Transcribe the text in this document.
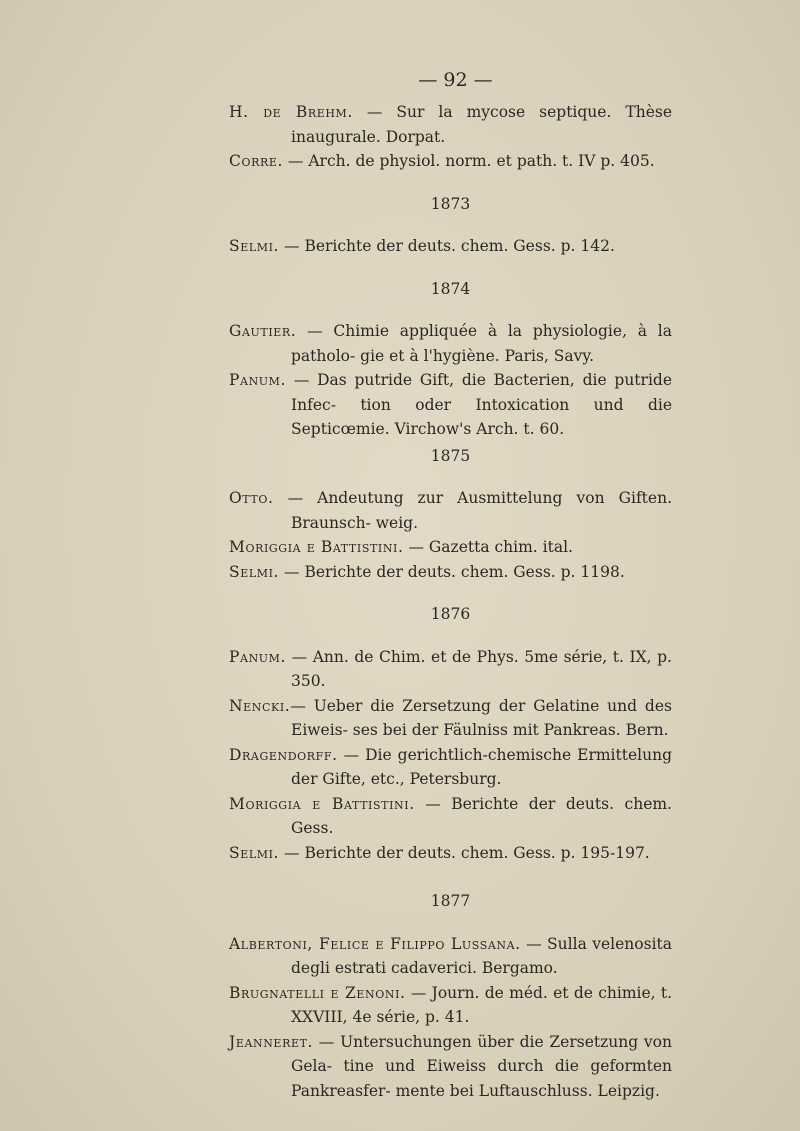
— 92 —

H. de Brehm. — Sur la mycose septique. Thèse inaugurale. Dorpat.

Corre. — Arch. de physiol. norm. et path. t. IV p. 405.

1873

Selmi. — Berichte der deuts. chem. Gess. p. 142.

1874

Gautier. — Chimie appliquée à la physiologie, à la patholo- gie et à l'hygiène. Paris, Savy.

Panum. — Das putride Gift, die Bacterien, die putride Infec- tion oder Intoxication und die Septicœmie. Virchow's Arch. t. 60.

1875

Otto. — Andeutung zur Ausmittelung von Giften. Braunsch- weig.

Moriggia e Battistini. — Gazetta chim. ital.

Selmi. — Berichte der deuts. chem. Gess. p. 1198.

1876

Panum. — Ann. de Chim. et de Phys. 5me série, t. IX, p. 350.

Nencki.— Ueber die Zersetzung der Gelatine und des Eiweis- ses bei der Fäulniss mit Pankreas. Bern.

Dragendorff. — Die gerichtlich-chemische Ermittelung der Gifte, etc., Petersburg.

Moriggia e Battistini. — Berichte der deuts. chem. Gess.

Selmi. — Berichte der deuts. chem. Gess. p. 195-197.

1877

Albertoni, Felice e Filippo Lussana. — Sulla velenosita degli estrati cadaverici. Bergamo.

Brugnatelli e Zenoni. — Journ. de méd. et de chimie, t. XXVIII, 4e série, p. 41.

Jeanneret. — Untersuchungen über die Zersetzung von Gela- tine und Eiweiss durch die geformten Pankreasfer- mente bei Luftauschluss. Leipzig.
